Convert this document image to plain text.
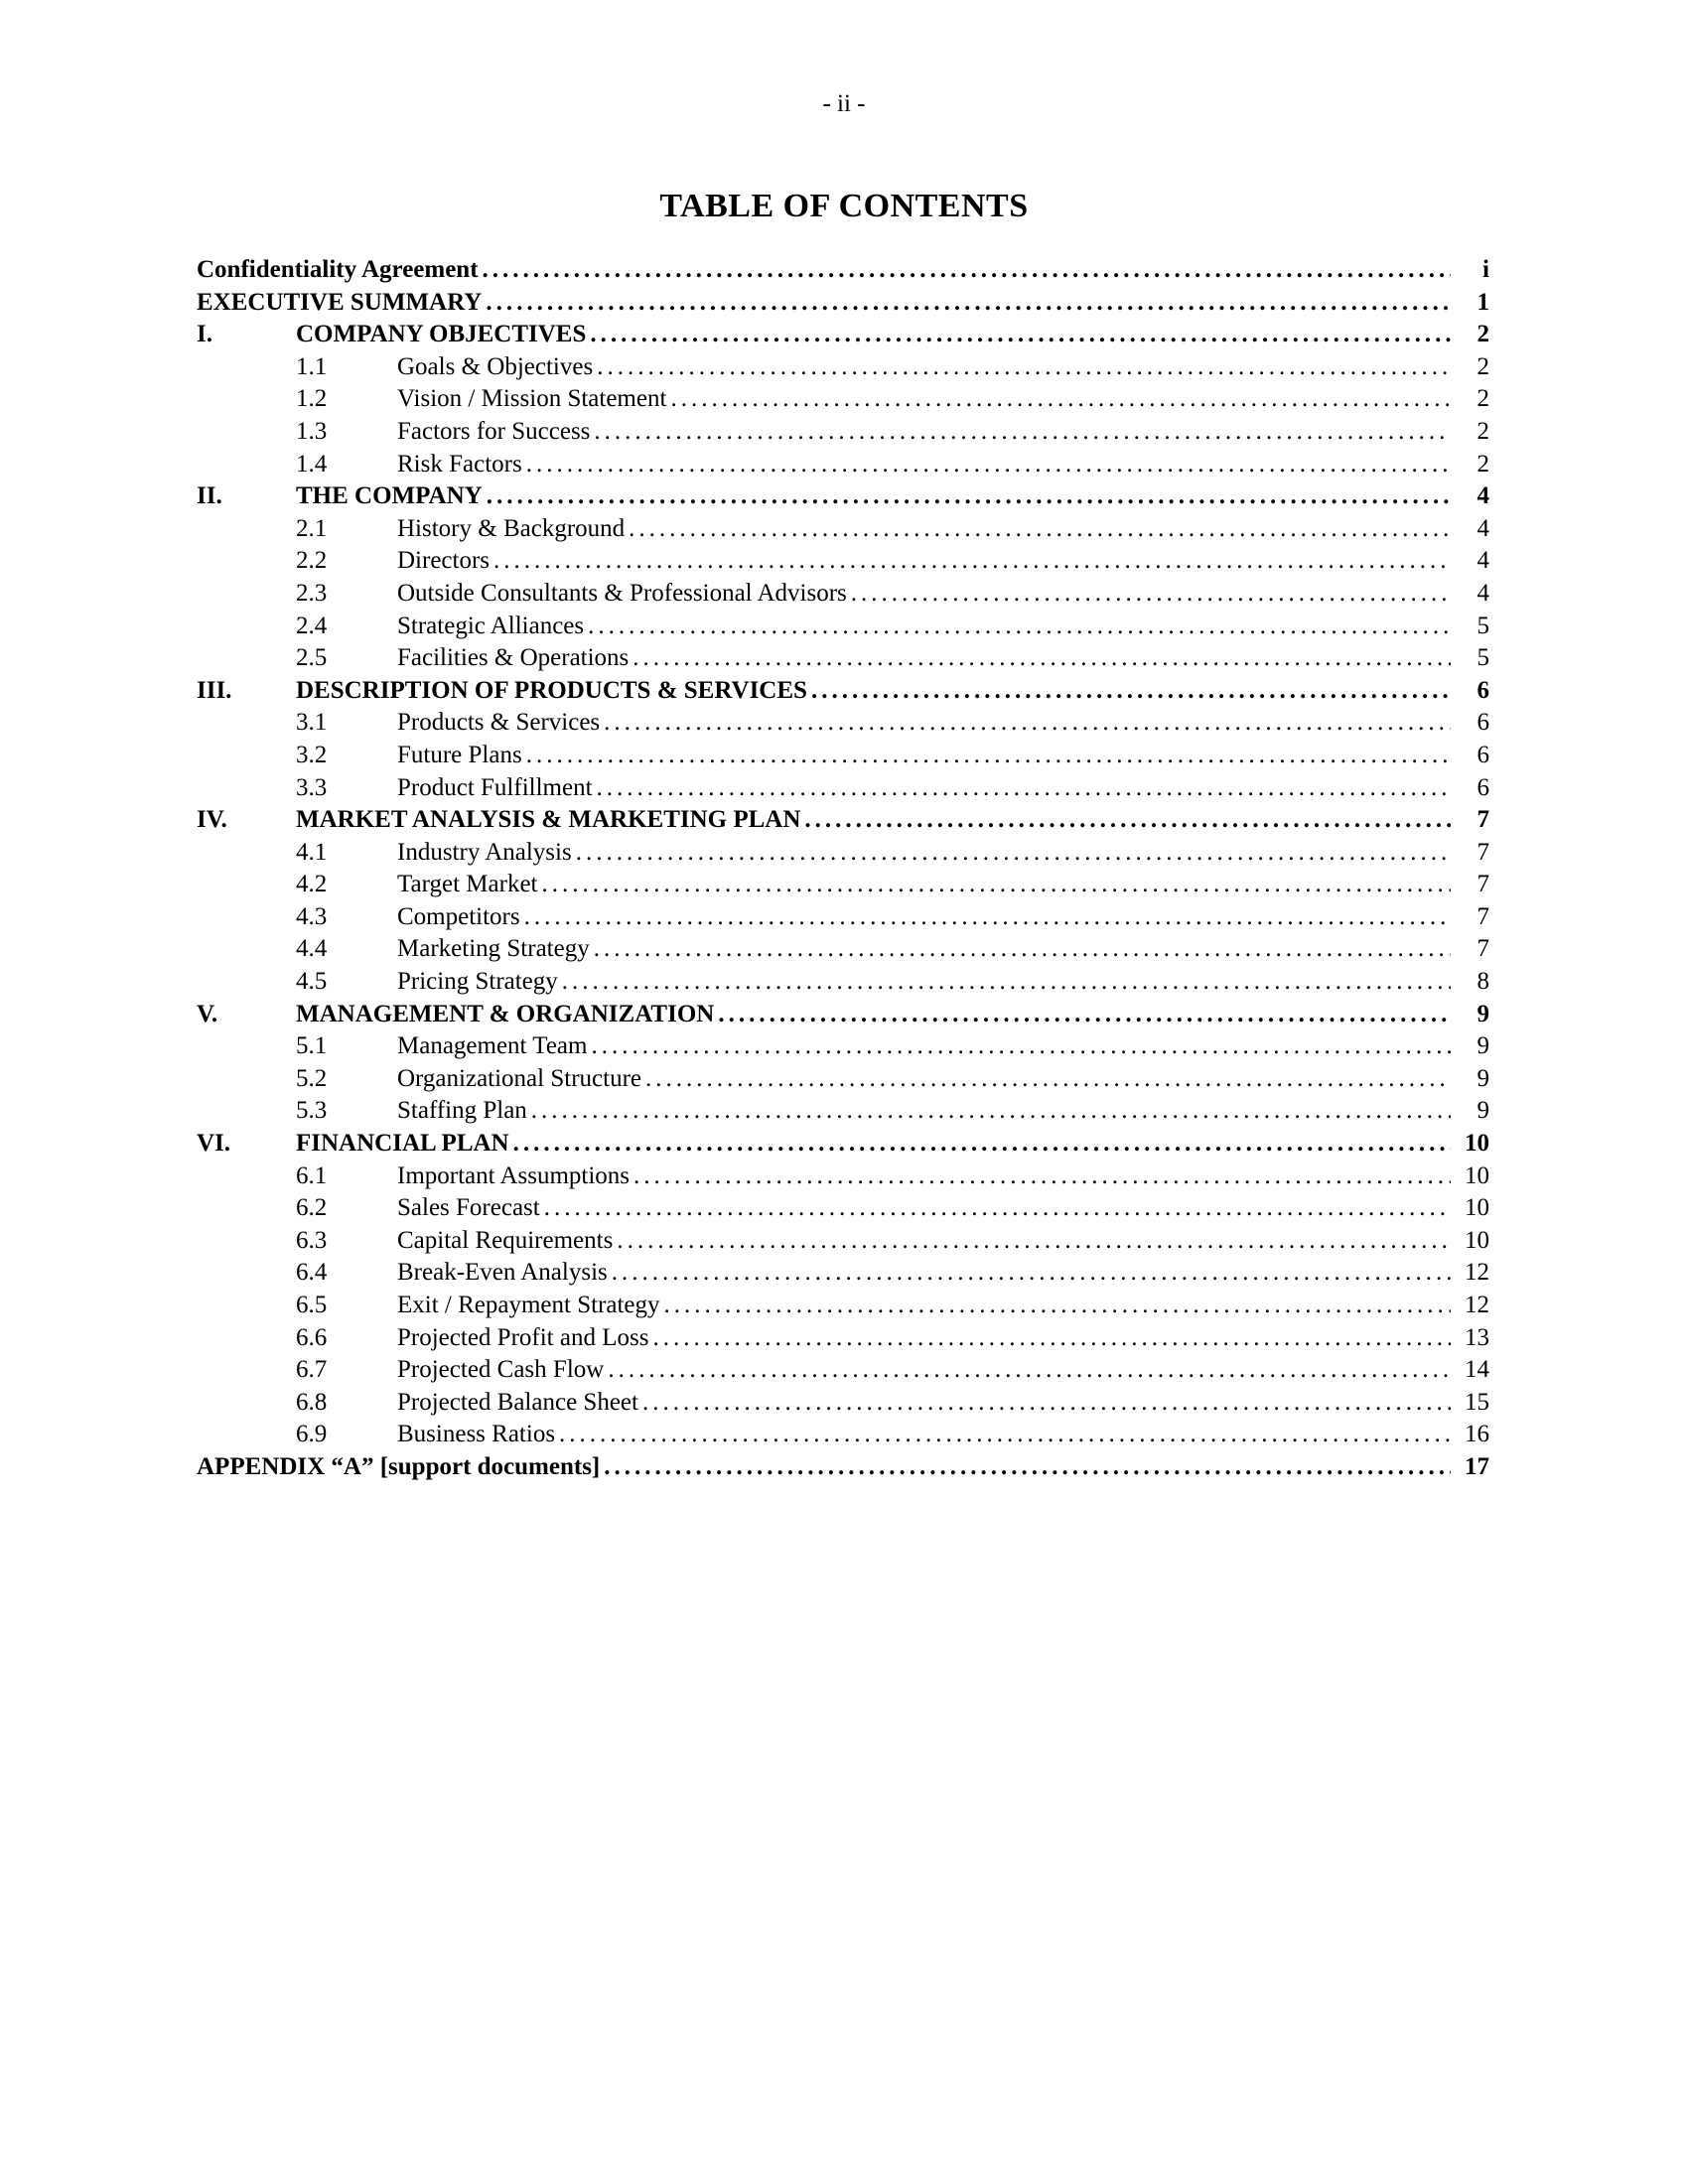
- ii -
TABLE OF CONTENTS
Confidentiality Agreement .....	i
EXECUTIVE SUMMARY .....	1
I.	COMPANY OBJECTIVES .....	2
1.1	Goals & Objectives .....	2
1.2	Vision / Mission Statement .....	2
1.3	Factors for Success .....	2
1.4	Risk Factors .....	2
II.	THE COMPANY .....	4
2.1	History & Background .....	4
2.2	Directors .....	4
2.3	Outside Consultants & Professional Advisors .....	4
2.4	Strategic Alliances .....	5
2.5	Facilities & Operations .....	5
III.	DESCRIPTION OF PRODUCTS & SERVICES .....	6
3.1	Products & Services .....	6
3.2	Future Plans .....	6
3.3	Product Fulfillment .....	6
IV.	MARKET ANALYSIS & MARKETING PLAN .....	7
4.1	Industry Analysis .....	7
4.2	Target Market .....	7
4.3	Competitors .....	7
4.4	Marketing Strategy .....	7
4.5	Pricing Strategy .....	8
V.	MANAGEMENT & ORGANIZATION .....	9
5.1	Management Team .....	9
5.2	Organizational Structure .....	9
5.3	Staffing Plan .....	9
VI.	FINANCIAL PLAN .....	10
6.1	Important Assumptions .....	10
6.2	Sales Forecast .....	10
6.3	Capital Requirements .....	10
6.4	Break-Even Analysis .....	12
6.5	Exit / Repayment Strategy .....	12
6.6	Projected Profit and Loss .....	13
6.7	Projected Cash Flow .....	14
6.8	Projected Balance Sheet .....	15
6.9	Business Ratios .....	16
APPENDIX “A” [support documents] .....	17
